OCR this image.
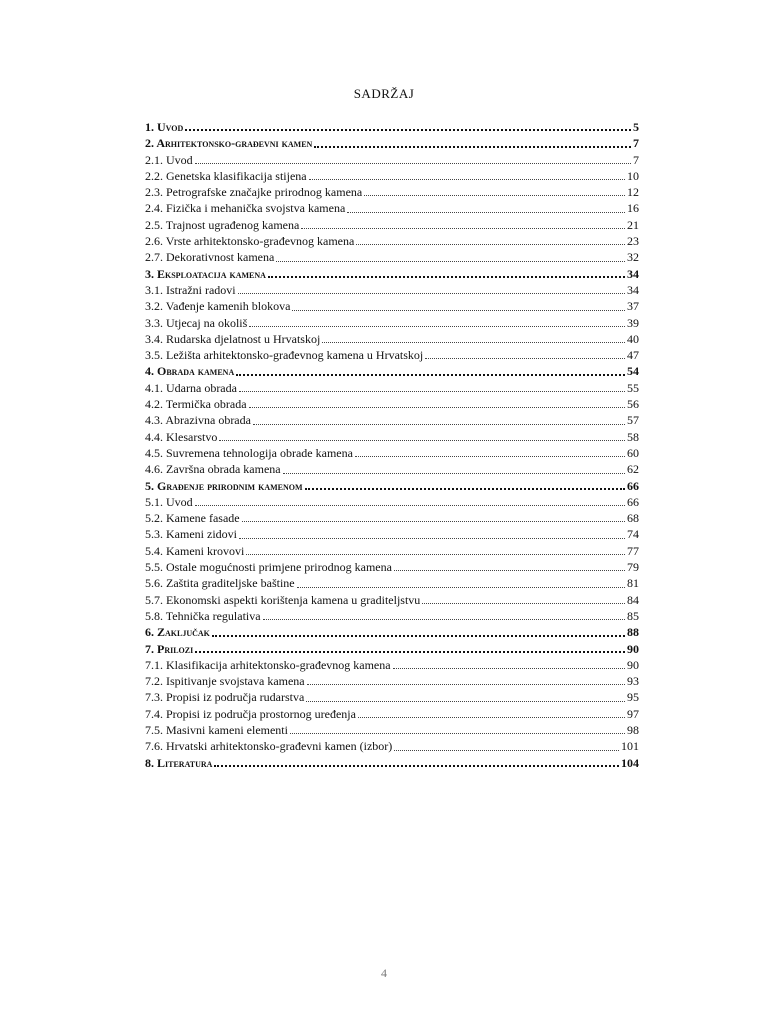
SADRŽAJ
1. Uvod	5
2. Arhitektonsko-građevni kamen	7
2.1. Uvod	7
2.2. Genetska klasifikacija stijena	10
2.3. Petrografske značajke prirodnog kamena	12
2.4. Fizička i mehanička svojstva kamena	16
2.5. Trajnost ugrađenog kamena	21
2.6. Vrste arhitektonsko-građevnog kamena	23
2.7. Dekorativnost kamena	32
3. Eksploatacija kamena	34
3.1. Istražni radovi	34
3.2. Vađenje kamenih blokova	37
3.3. Utjecaj na okoliš	39
3.4. Rudarska djelatnost u Hrvatskoj	40
3.5. Ležišta arhitektonsko-građevnog kamena u Hrvatskoj	47
4. Obrada kamena	54
4.1. Udarna obrada	55
4.2. Termička obrada	56
4.3. Abrazivna obrada	57
4.4. Klesarstvo	58
4.5. Suvremena tehnologija obrade kamena	60
4.6. Završna obrada kamena	62
5. Građenje prirodnim kamenom	66
5.1. Uvod	66
5.2. Kamene fasade	68
5.3. Kameni zidovi	74
5.4. Kameni krovovi	77
5.5. Ostale mogućnosti primjene prirodnog kamena	79
5.6. Zaštita graditeljske baštine	81
5.7. Ekonomski aspekti korištenja kamena u graditeljstvu	84
5.8. Tehnička regulativa	85
6. Zaključak	88
7. Prilozi	90
7.1. Klasifikacija arhitektonsko-građevnog kamena	90
7.2. Ispitivanje svojstava kamena	93
7.3. Propisi iz područja rudarstva	95
7.4. Propisi iz područja prostornog uređenja	97
7.5. Masivni kameni elementi	98
7.6. Hrvatski arhitektonsko-građevni kamen (izbor)	101
8. Literatura	104
4
